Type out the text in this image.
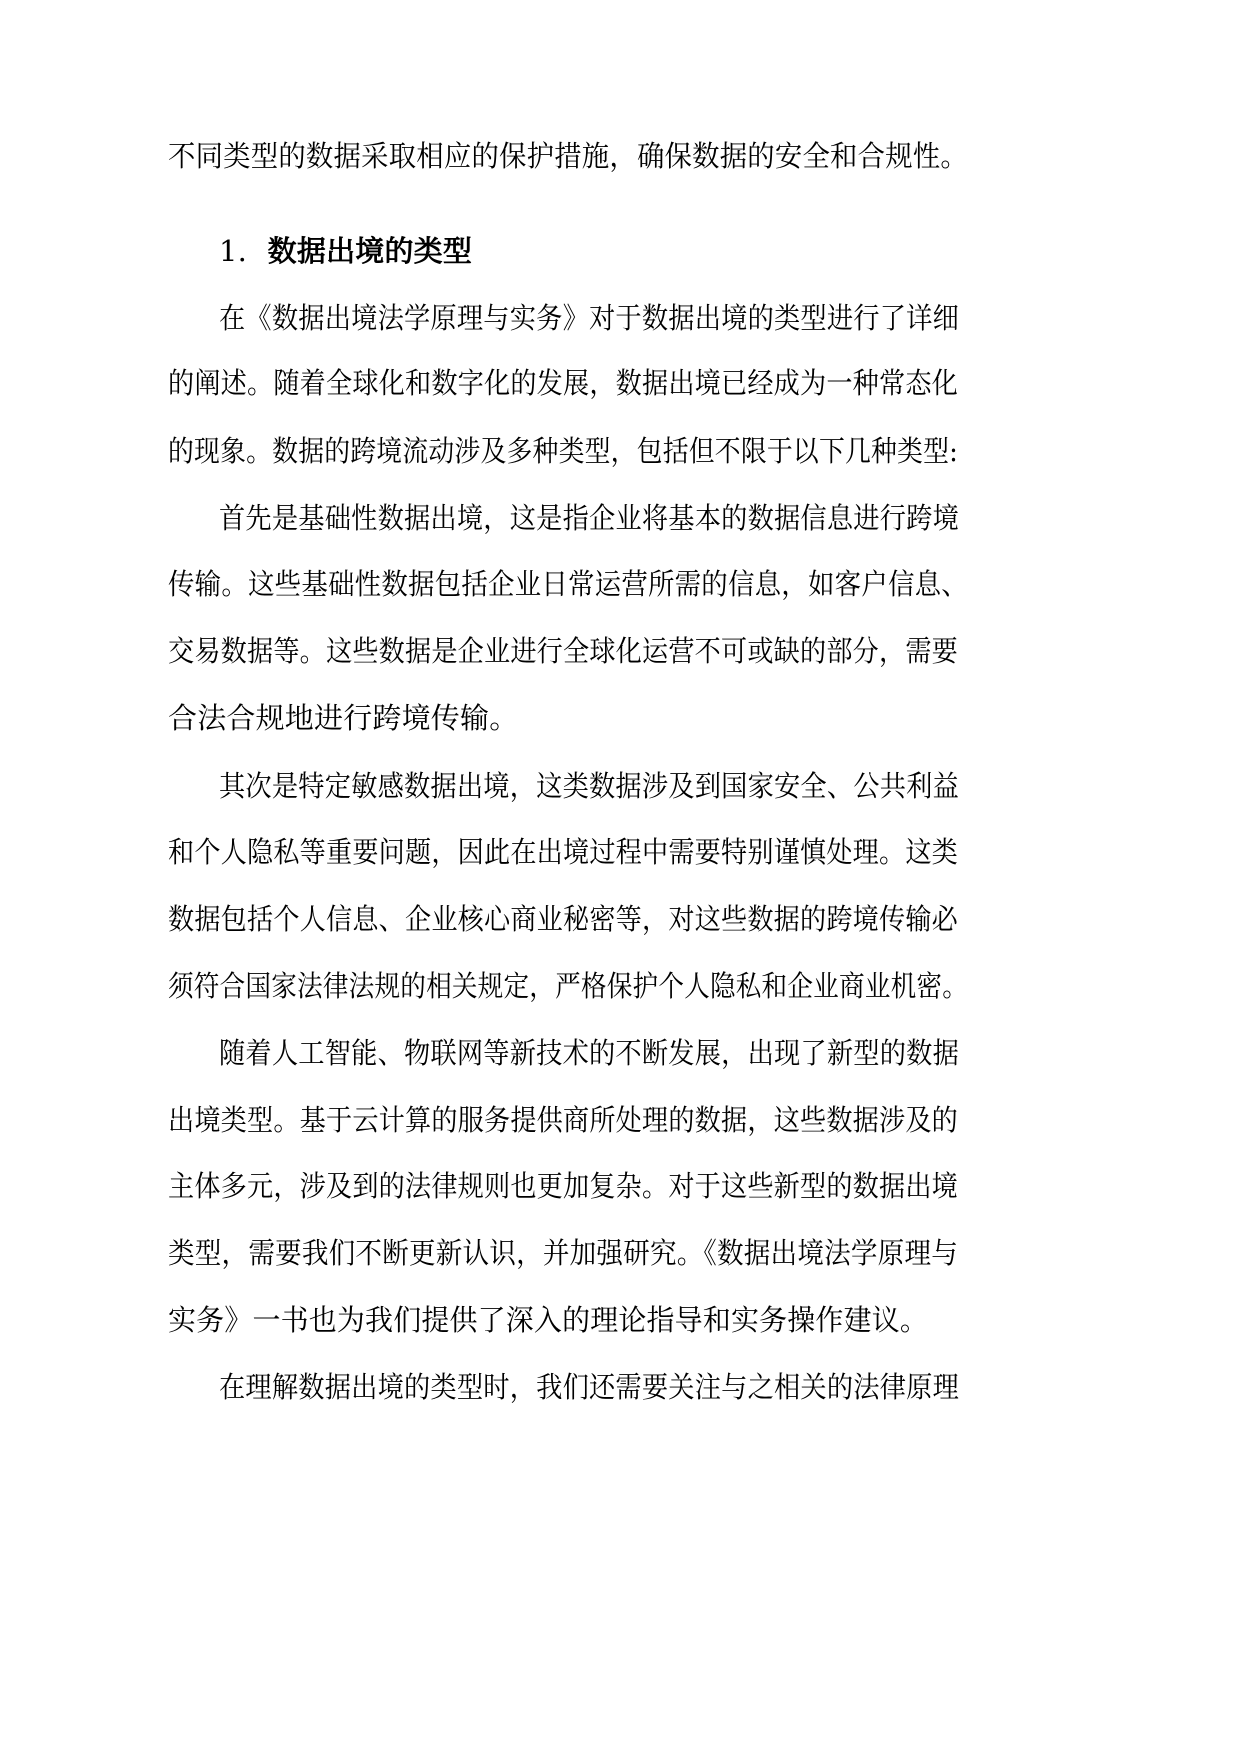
不同类型的数据采取相应的保护措施，确保数据的安全和合规性。
1. 数据出境的类型
在《数据出境法学原理与实务》对于数据出境的类型进行了详细
的阐述。随着全球化和数字化的发展，数据出境已经成为一种常态化
的现象。数据的跨境流动涉及多种类型，包括但不限于以下几种类型:
首先是基础性数据出境，这是指企业将基本的数据信息进行跨境
传输。这些基础性数据包括企业日常运营所需的信息，如客户信息、
交易数据等。这些数据是企业进行全球化运营不可或缺的部分，需要
合法合规地进行跨境传输。
其次是特定敏感数据出境，这类数据涉及到国家安全、公共利益
和个人隐私等重要问题，因此在出境过程中需要特别谨慎处理。这类
数据包括个人信息、企业核心商业秘密等，对这些数据的跨境传输必
须符合国家法律法规的相关规定，严格保护个人隐私和企业商业机密。
随着人工智能、物联网等新技术的不断发展，出现了新型的数据
出境类型。基于云计算的服务提供商所处理的数据，这些数据涉及的
主体多元，涉及到的法律规则也更加复杂。对于这些新型的数据出境
类型，需要我们不断更新认识，并加强研究。《数据出境法学原理与
实务》一书也为我们提供了深入的理论指导和实务操作建议。
在理解数据出境的类型时，我们还需要关注与之相关的法律原理
